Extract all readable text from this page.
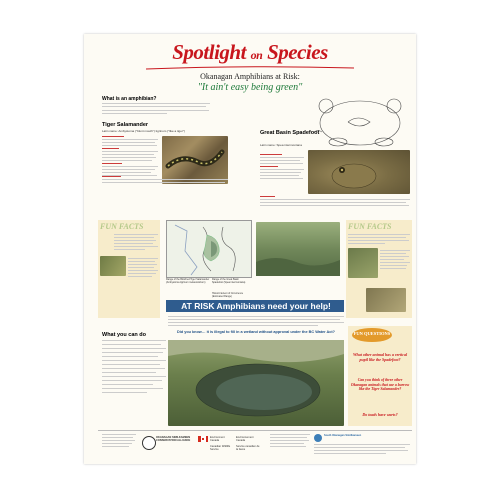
Spotlight on Species
Okanagan Amphibians at Risk:
"It ain't easy being green"
What is an amphibian?
Tiger Salamander
Latin name: Ambystoma ("blunt mouth") tigrinum ("like a tiger")	Great Basin Spadefoot
Latin name: Spea intermontana
FUN FACTS
Range of the Blotched Tiger Salamander (Ambystoma tigrinum melanostictum)
Range of the Great Basin Spadefoot (Spea intermontana)
Historic Extent of Occurrence (Estimated Range)
FUN FACTS
AT RISK Amphibians need your help!
Did you know… it is illegal to fill in a wetland without approval under the BC Water Act?
What you can do	FUN QUESTIONS
What other animal has a vertical pupil like the Spadefoot?
Can you think of three other Okanagan animals that use a burrow like the Tiger Salamander?
Do toads have warts?
OKANAGAN SIMILKAMEEN CONSERVATION ALLIANCE
Environment Canada
Environnement Canada
Canadian Wildlife Service
Service canadien de la faune
South Okanagan Similkameen
